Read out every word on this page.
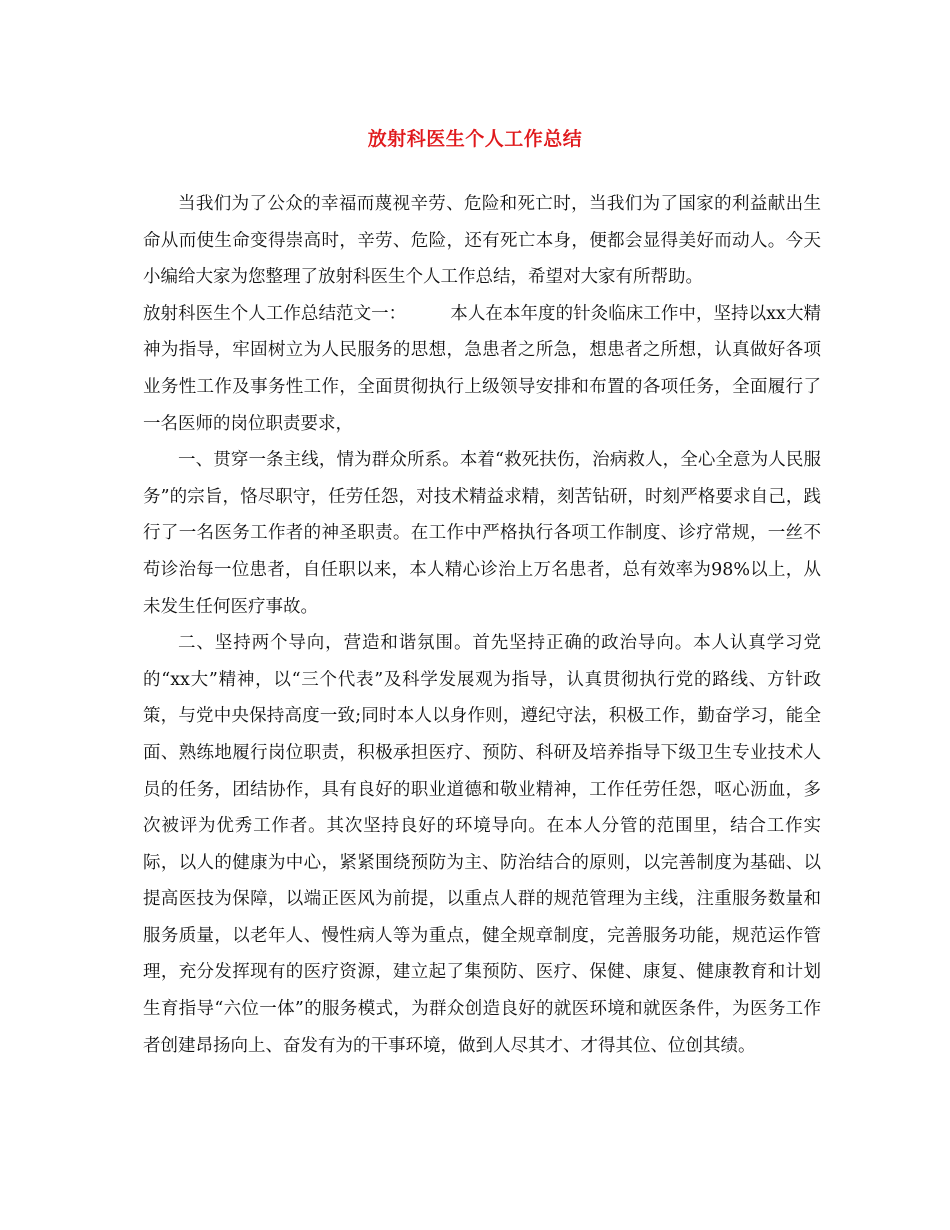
放射科医生个人工作总结

当我们为了公众的幸福而蔑视辛劳、危险和死亡时，当我们为了国家的利益献出生命从而使生命变得崇高时，辛劳、危险，还有死亡本身，便都会显得美好而动人。今天小编给大家为您整理了放射科医生个人工作总结，希望对大家有所帮助。

放射科医生个人工作总结范文一：	本人在本年度的针灸临床工作中，坚持以xx大精神为指导，牢固树立为人民服务的思想，急患者之所急，想患者之所想，认真做好各项业务性工作及事务性工作，全面贯彻执行上级领导安排和布置的各项任务，全面履行了一名医师的岗位职责要求，

一、贯穿一条主线，情为群众所系。本着“救死扶伤，治病救人，全心全意为人民服务”的宗旨，恪尽职守，任劳任怨，对技术精益求精，刻苦钻研，时刻严格要求自己，践行了一名医务工作者的神圣职责。在工作中严格执行各项工作制度、诊疗常规，一丝不苟诊治每一位患者，自任职以来，本人精心诊治上万名患者，总有效率为98%以上，从未发生任何医疗事故。

二、坚持两个导向，营造和谐氛围。首先坚持正确的政治导向。本人认真学习党的“xx大”精神，以“三个代表”及科学发展观为指导，认真贯彻执行党的路线、方针政策，与党中央保持高度一致;同时本人以身作则，遵纪守法，积极工作，勤奋学习，能全面、熟练地履行岗位职责，积极承担医疗、预防、科研及培养指导下级卫生专业技术人员的任务，团结协作，具有良好的职业道德和敬业精神，工作任劳任怨，呕心沥血，多次被评为优秀工作者。其次坚持良好的环境导向。在本人分管的范围里，结合工作实际，以人的健康为中心，紧紧围绕预防为主、防治结合的原则，以完善制度为基础、以提高医技为保障，以端正医风为前提，以重点人群的规范管理为主线，注重服务数量和服务质量，以老年人、慢性病人等为重点，健全规章制度，完善服务功能，规范运作管理，充分发挥现有的医疗资源，建立起了集预防、医疗、保健、康复、健康教育和计划生育指导“六位一体”的服务模式，为群众创造良好的就医环境和就医条件，为医务工作者创建昂扬向上、奋发有为的干事环境，做到人尽其才、才得其位、位创其绩。
